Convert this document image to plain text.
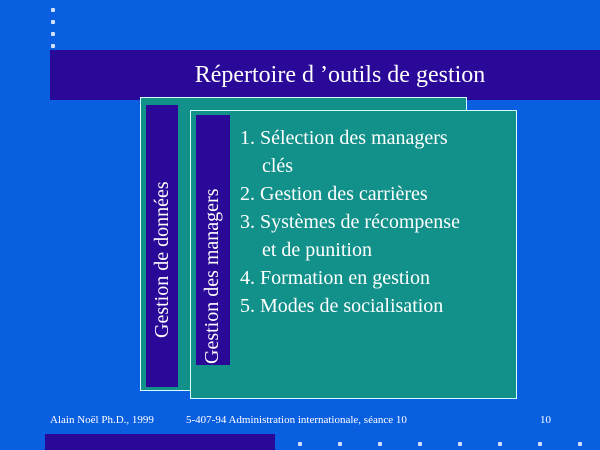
Répertoire d ’outils de gestion
Gestion de données Gestion des managers
1. Sélection des managers
clés
2. Gestion des carrières
3. Systèmes de récompense
et de punition
4. Formation en gestion
5. Modes de socialisation
Alain Noël Ph.D., 1999	5-407-94 Administration internationale, séance 10	10
